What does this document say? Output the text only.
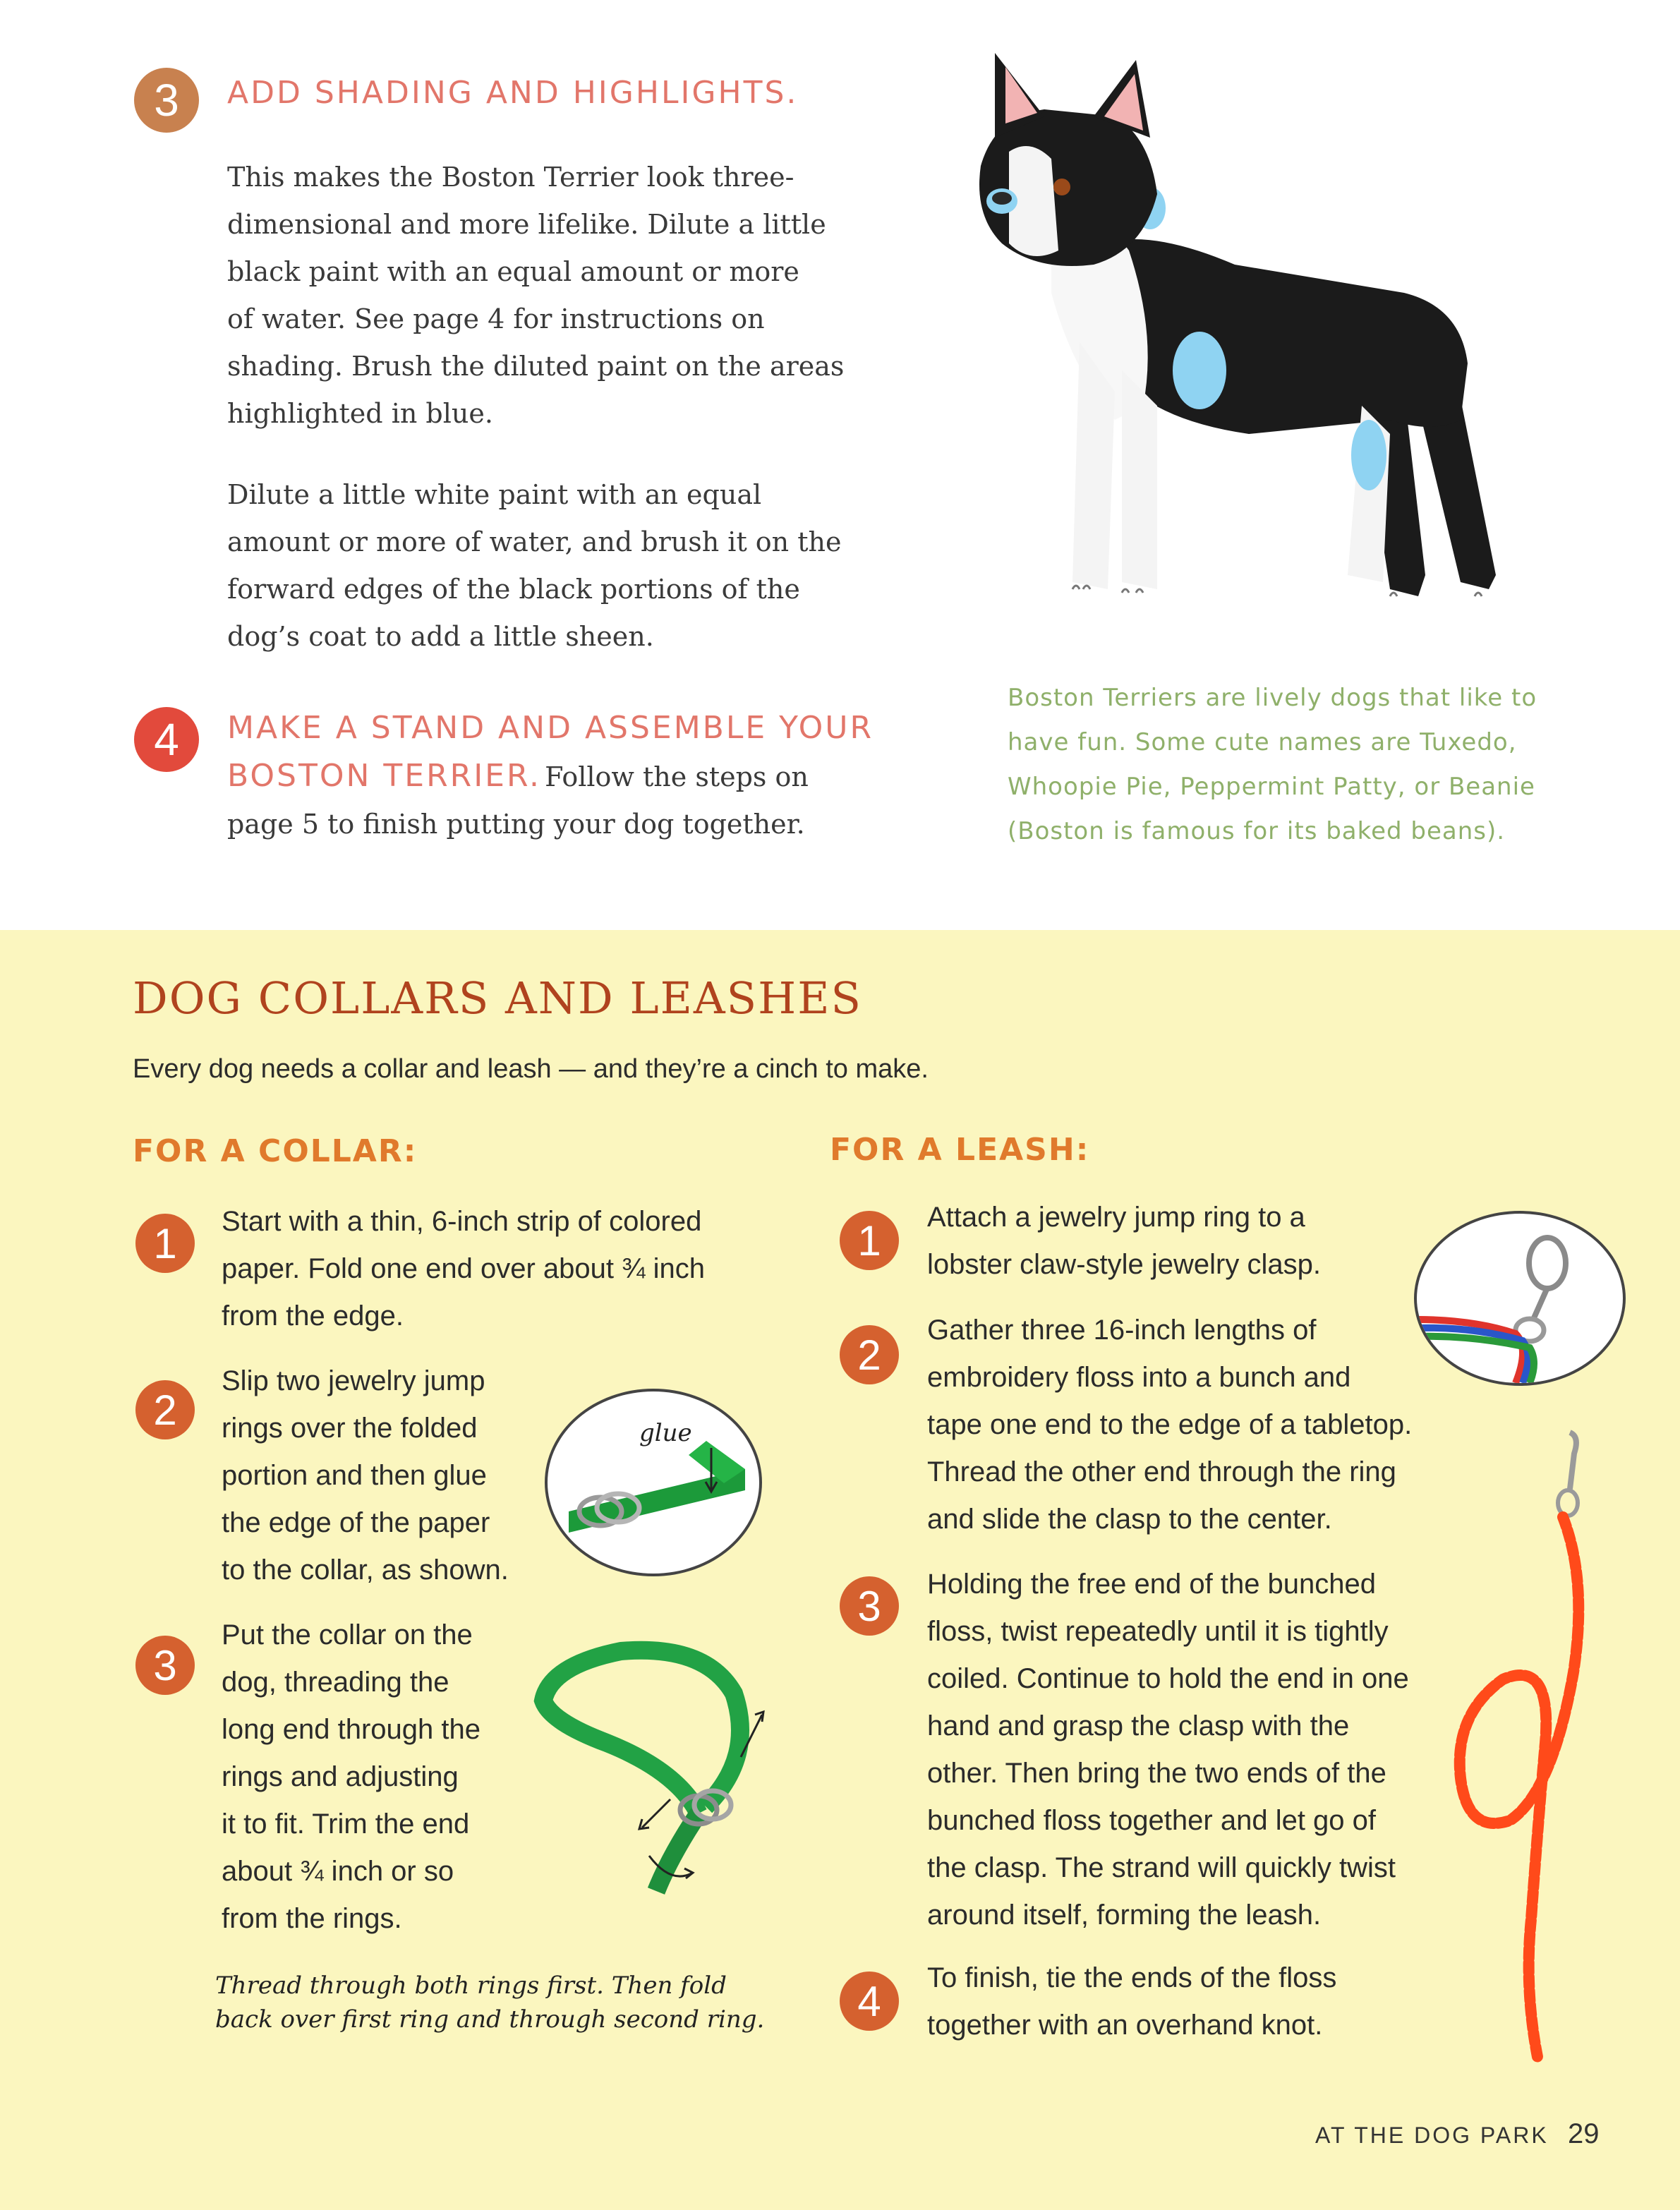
3 ADD SHADING AND HIGHLIGHTS.
This makes the Boston Terrier look three-
dimensional and more lifelike. Dilute a little
black paint with an equal amount or more
of water. See page 4 for instructions on
shading. Brush the diluted paint on the areas
highlighted in blue.
Dilute a little white paint with an equal
amount or more of water, and brush it on the
forward edges of the black portions of the
dog’s coat to add a little sheen.
4 MAKE A STAND AND ASSEMBLE YOUR
BOSTON TERRIER. Follow the steps on
page 5 to finish putting your dog together.
Boston Terriers are lively dogs that like to
have fun. Some cute names are Tuxedo,
Whoopie Pie, Peppermint Patty, or Beanie
(Boston is famous for its baked beans).
DOG COLLARS AND LEASHES
Every dog needs a collar and leash — and they’re a cinch to make.
FOR A COLLAR:
1 Start with a thin, 6-inch strip of colored
paper. Fold one end over about ¾ inch
from the edge.
2
Slip two jewelry jump
rings over the folded
portion and then glue
the edge of the paper
to the collar, as shown.
glue
3
Put the collar on the
dog, threading the
long end through the
rings and adjusting
it to fit. Trim the end
about ¾ inch or so
from the rings.
Thread through both rings first. Then fold
back over first ring and through second ring.
FOR A LEASH:
1 Attach a jewelry jump ring to a
lobster claw-style jewelry clasp.
2
Gather three 16-inch lengths of
embroidery floss into a bunch and
tape one end to the edge of a tabletop.
Thread the other end through the ring
and slide the clasp to the center.
3 Holding the free end of the bunched
floss, twist repeatedly until it is tightly
coiled. Continue to hold the end in one
hand and grasp the clasp with the
other. Then bring the two ends of the
bunched floss together and let go of
the clasp. The strand will quickly twist
around itself, forming the leash.
4 To finish, tie the ends of the floss
together with an overhand knot.
AT THE DOG PARK 29
